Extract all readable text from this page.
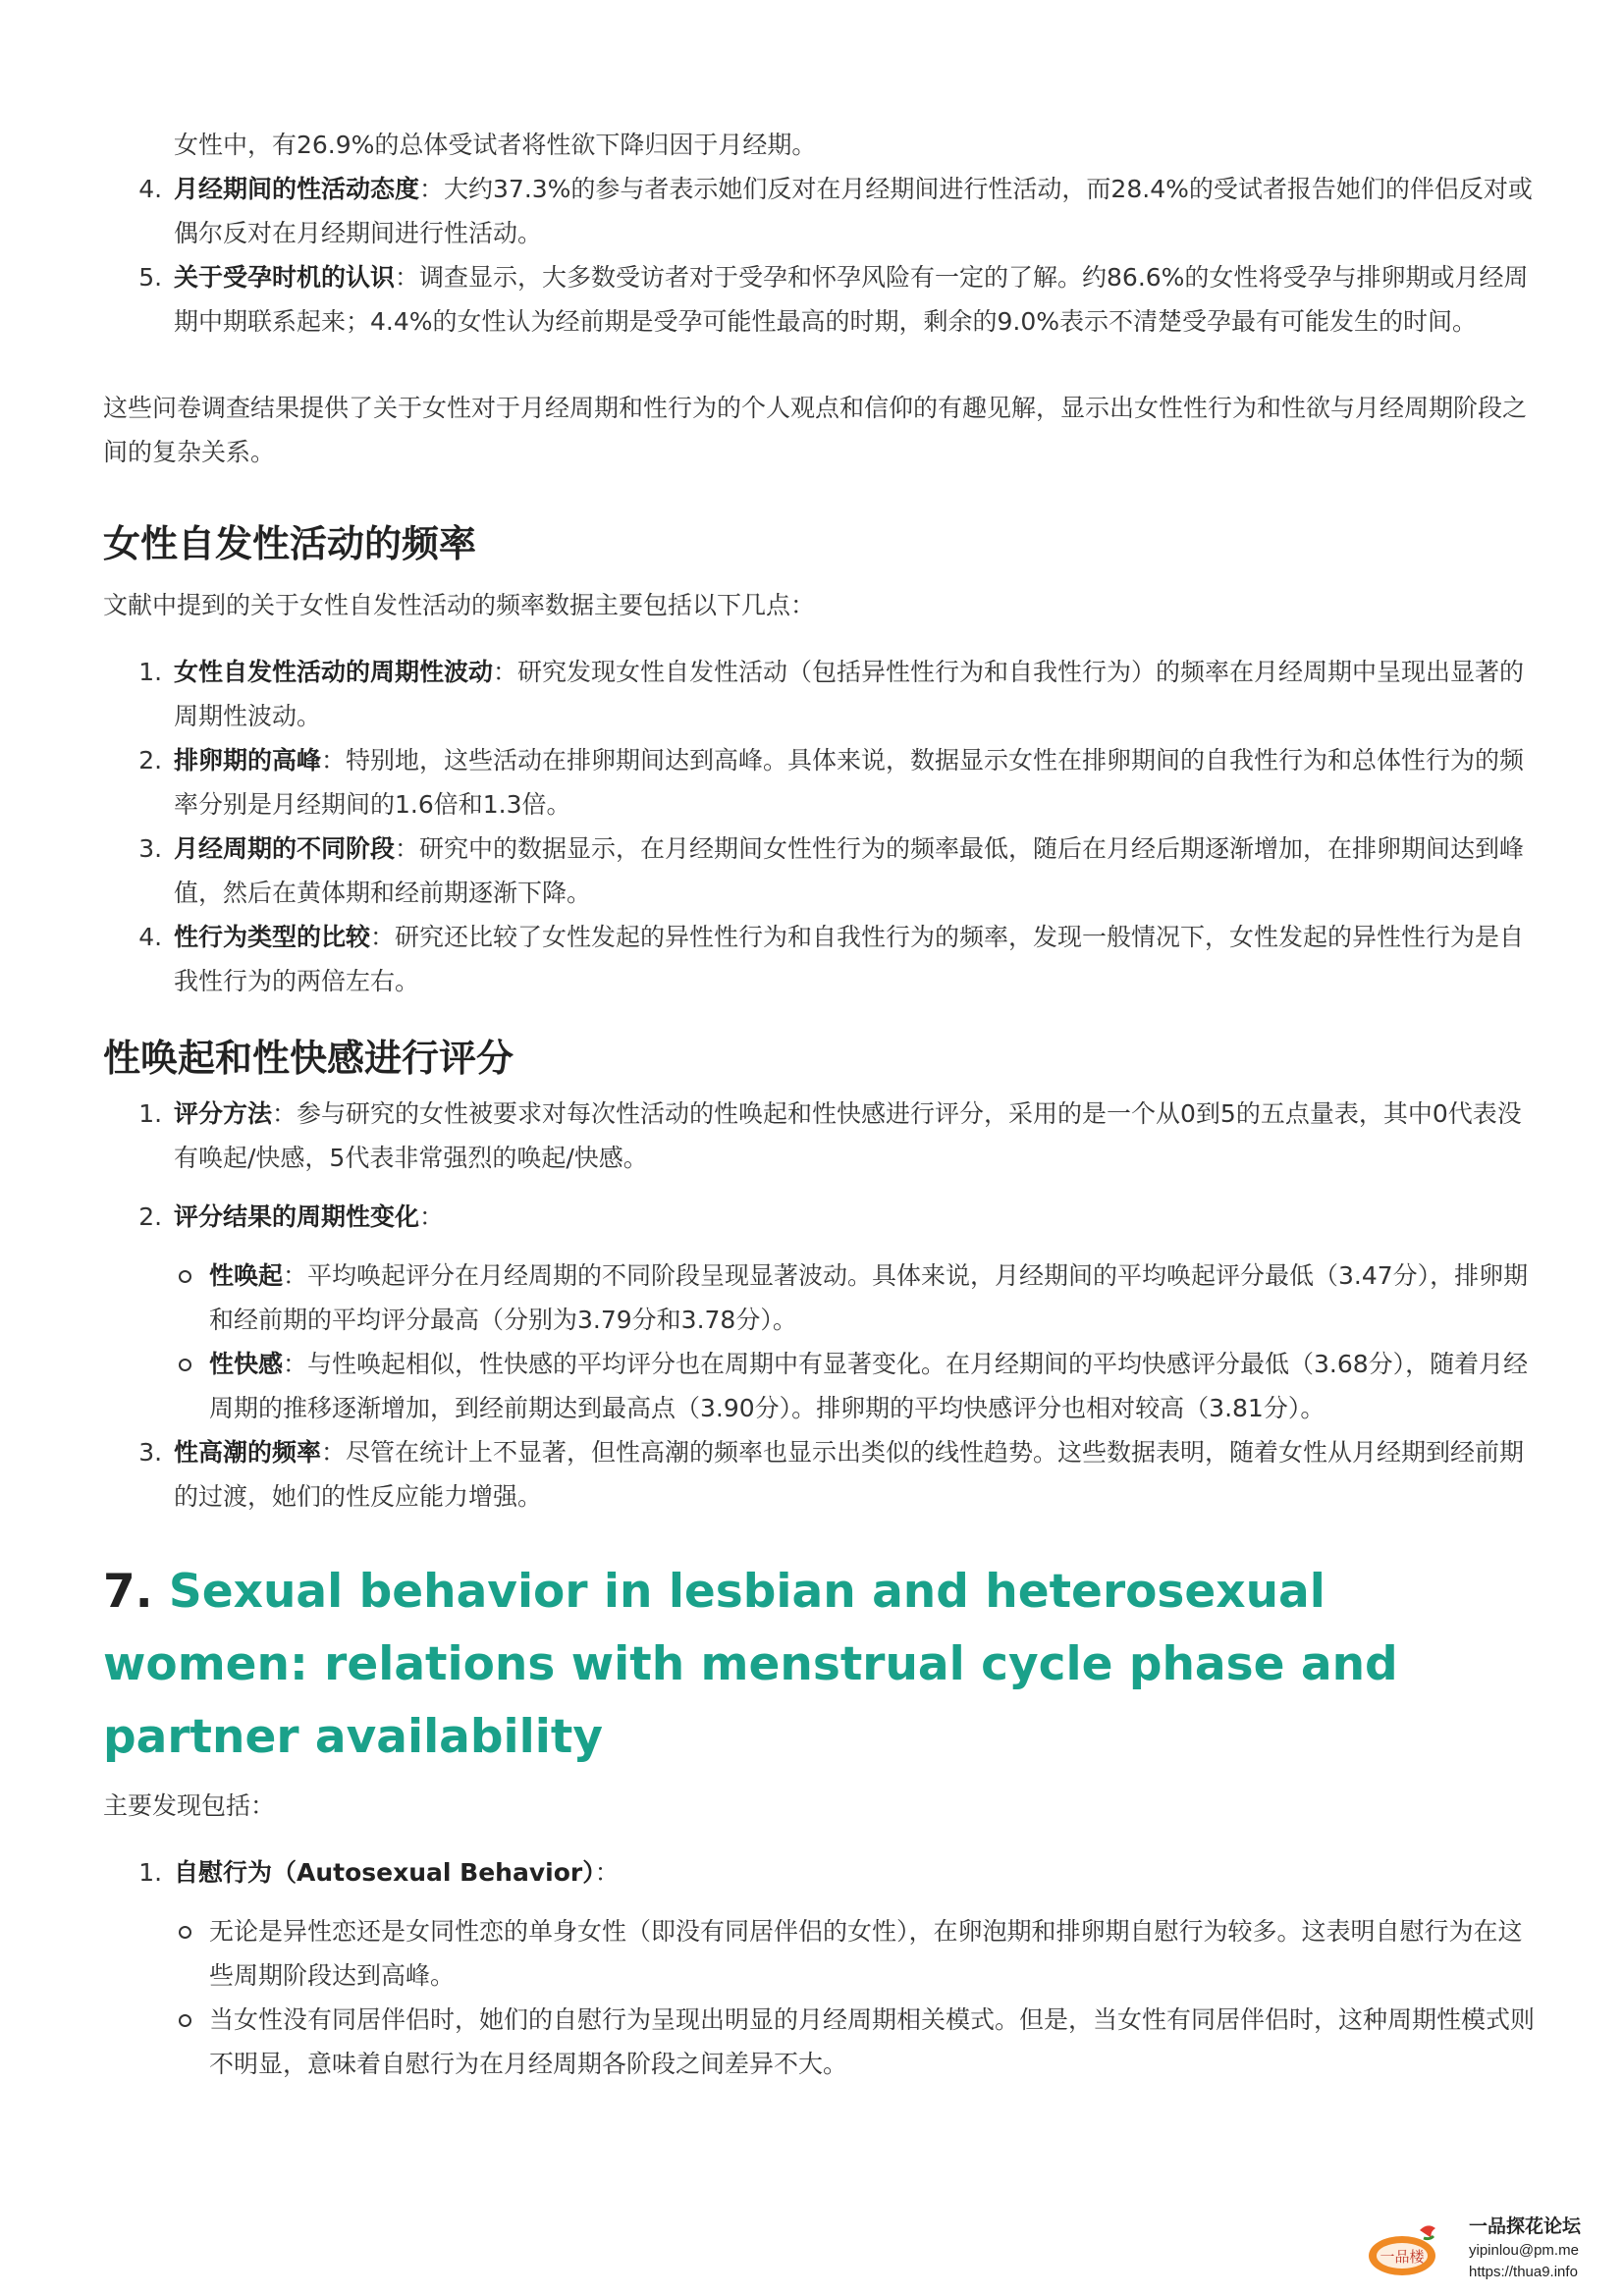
女性中，有26.9%的总体受试者将性欲下降归因于月经期。

4. 月经期间的性活动态度：大约37.3%的参与者表示她们反对在月经期间进行性活动，而28.4%的受试者报告她们的伴侣反对或偶尔反对在月经期间进行性活动。
5. 关于受孕时机的认识：调查显示，大多数受访者对于受孕和怀孕风险有一定的了解。约86.6%的女性将受孕与排卵期或月经周期中期联系起来；4.4%的女性认为经前期是受孕可能性最高的时期，剩余的9.0%表示不清楚受孕最有可能发生的时间。

这些问卷调查结果提供了关于女性对于月经周期和性行为的个人观点和信仰的有趣见解，显示出女性性行为和性欲与月经周期阶段之间的复杂关系。

女性自发性活动的频率

文献中提到的关于女性自发性活动的频率数据主要包括以下几点：

1. 女性自发性活动的周期性波动：研究发现女性自发性活动（包括异性性行为和自我性行为）的频率在月经周期中呈现出显著的周期性波动。
2. 排卵期的高峰：特别地，这些活动在排卵期间达到高峰。具体来说，数据显示女性在排卵期间的自我性行为和总体性行为的频率分别是月经期间的1.6倍和1.3倍。
3. 月经周期的不同阶段：研究中的数据显示，在月经期间女性性行为的频率最低，随后在月经后期逐渐增加，在排卵期间达到峰值，然后在黄体期和经前期逐渐下降。
4. 性行为类型的比较：研究还比较了女性发起的异性性行为和自我性行为的频率，发现一般情况下，女性发起的异性性行为是自我性行为的两倍左右。
性唤起和性快感进行评分
1. 评分方法：参与研究的女性被要求对每次性活动的性唤起和性快感进行评分，采用的是一个从0到5的五点量表，其中0代表没有唤起/快感，5代表非常强烈的唤起/快感。
2. 评分结果的周期性变化：
性唤起：平均唤起评分在月经周期的不同阶段呈现显著波动。具体来说，月经期间的平均唤起评分最低（3.47分），排卵期和经前期的平均评分最高（分别为3.79分和3.78分）。
性快感：与性唤起相似，性快感的平均评分也在周期中有显著变化。在月经期间的平均快感评分最低（3.68分），随着月经周期的推移逐渐增加，到经前期达到最高点（3.90分）。排卵期的平均快感评分也相对较高（3.81分）。
3. 性高潮的频率：尽管在统计上不显著，但性高潮的频率也显示出类似的线性趋势。这些数据表明，随着女性从月经期到经前期的过渡，她们的性反应能力增强。
7. Sexual behavior in lesbian and heterosexual women: relations with menstrual cycle phase and partner availability

主要发现包括：

1. 自慰行为（Autosexual Behavior）：
无论是异性恋还是女同性恋的单身女性（即没有同居伴侣的女性），在卵泡期和排卵期自慰行为较多。这表明自慰行为在这些周期阶段达到高峰。
当女性没有同居伴侣时，她们的自慰行为呈现出明显的月经周期相关模式。但是，当女性有同居伴侣时，这种周期性模式则不明显，意味着自慰行为在月经周期各阶段之间差异不大。
一品楼
一品探花论坛
yipinlou@pm.me
https://thua9.info
